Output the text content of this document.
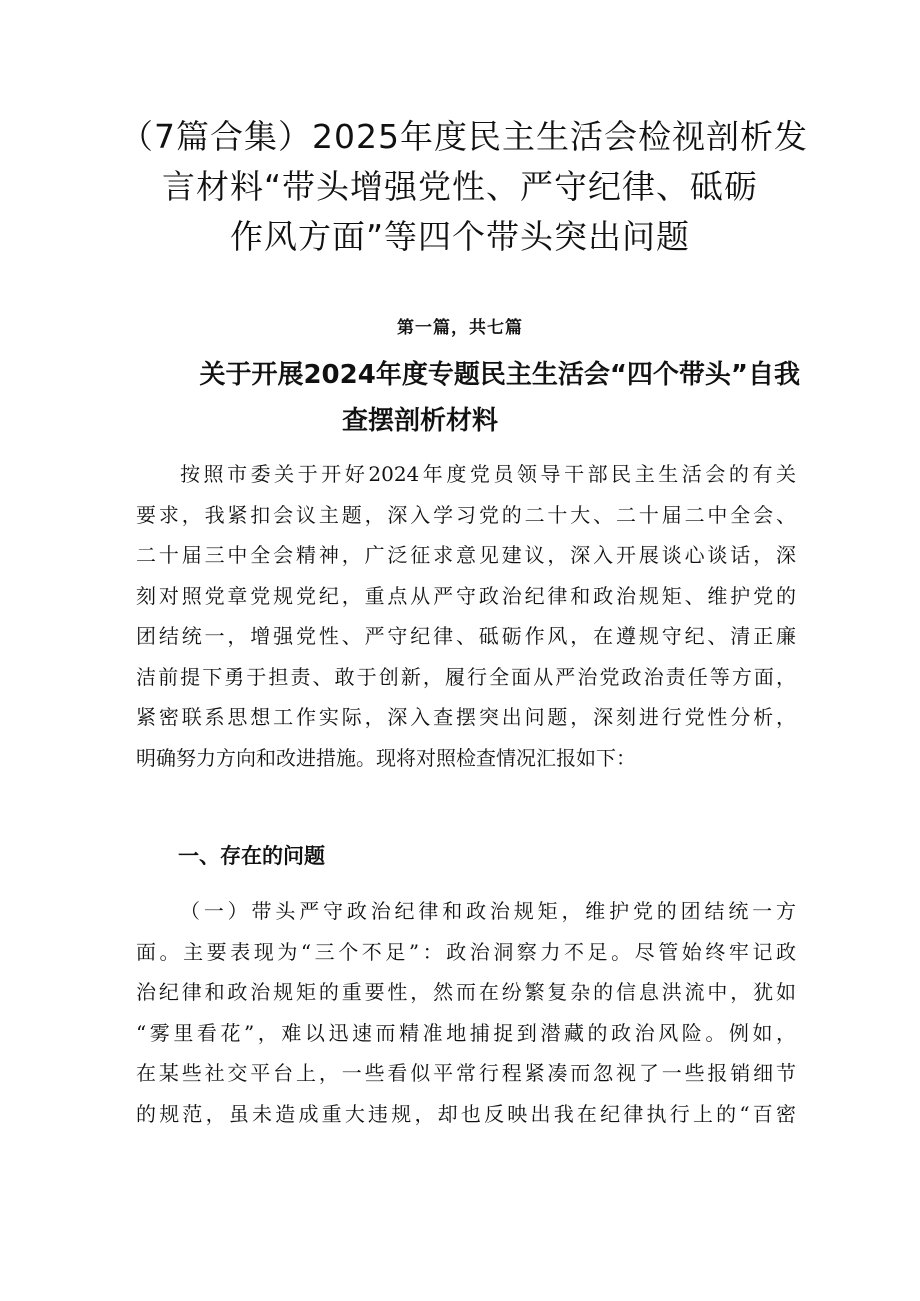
（7篇合集）2025年度民主生活会检视剖析发
言材料“带头增强党性、严守纪律、砥砺
作风方面”等四个带头突出问题

第一篇，共七篇

关于开展2024年度专题民主生活会“四个带头”自我
查摆剖析材料
按照市委关于开好2024年度党员领导干部民主生活会的有关
要求，我紧扣会议主题，深入学习党的二十大、二十届二中全会、
二十届三中全会精神，广泛征求意见建议，深入开展谈心谈话，深
刻对照党章党规党纪，重点从严守政治纪律和政治规矩、维护党的
团结统一，增强党性、严守纪律、砥砺作风，在遵规守纪、清正廉
洁前提下勇于担责、敢于创新，履行全面从严治党政治责任等方面，
紧密联系思想工作实际，深入查摆突出问题，深刻进行党性分析，
明确努力方向和改进措施。现将对照检查情况汇报如下：
一、存在的问题
（一）带头严守政治纪律和政治规矩，维护党的团结统一方
面。主要表现为“三个不足”：政治洞察力不足。尽管始终牢记政
治纪律和政治规矩的重要性，然而在纷繁复杂的信息洪流中，犹如
“雾里看花”，难以迅速而精准地捕捉到潜藏的政治风险。例如，
在某些社交平台上，一些看似平常行程紧凑而忽视了一些报销细节
的规范，虽未造成重大违规，却也反映出我在纪律执行上的“百密
